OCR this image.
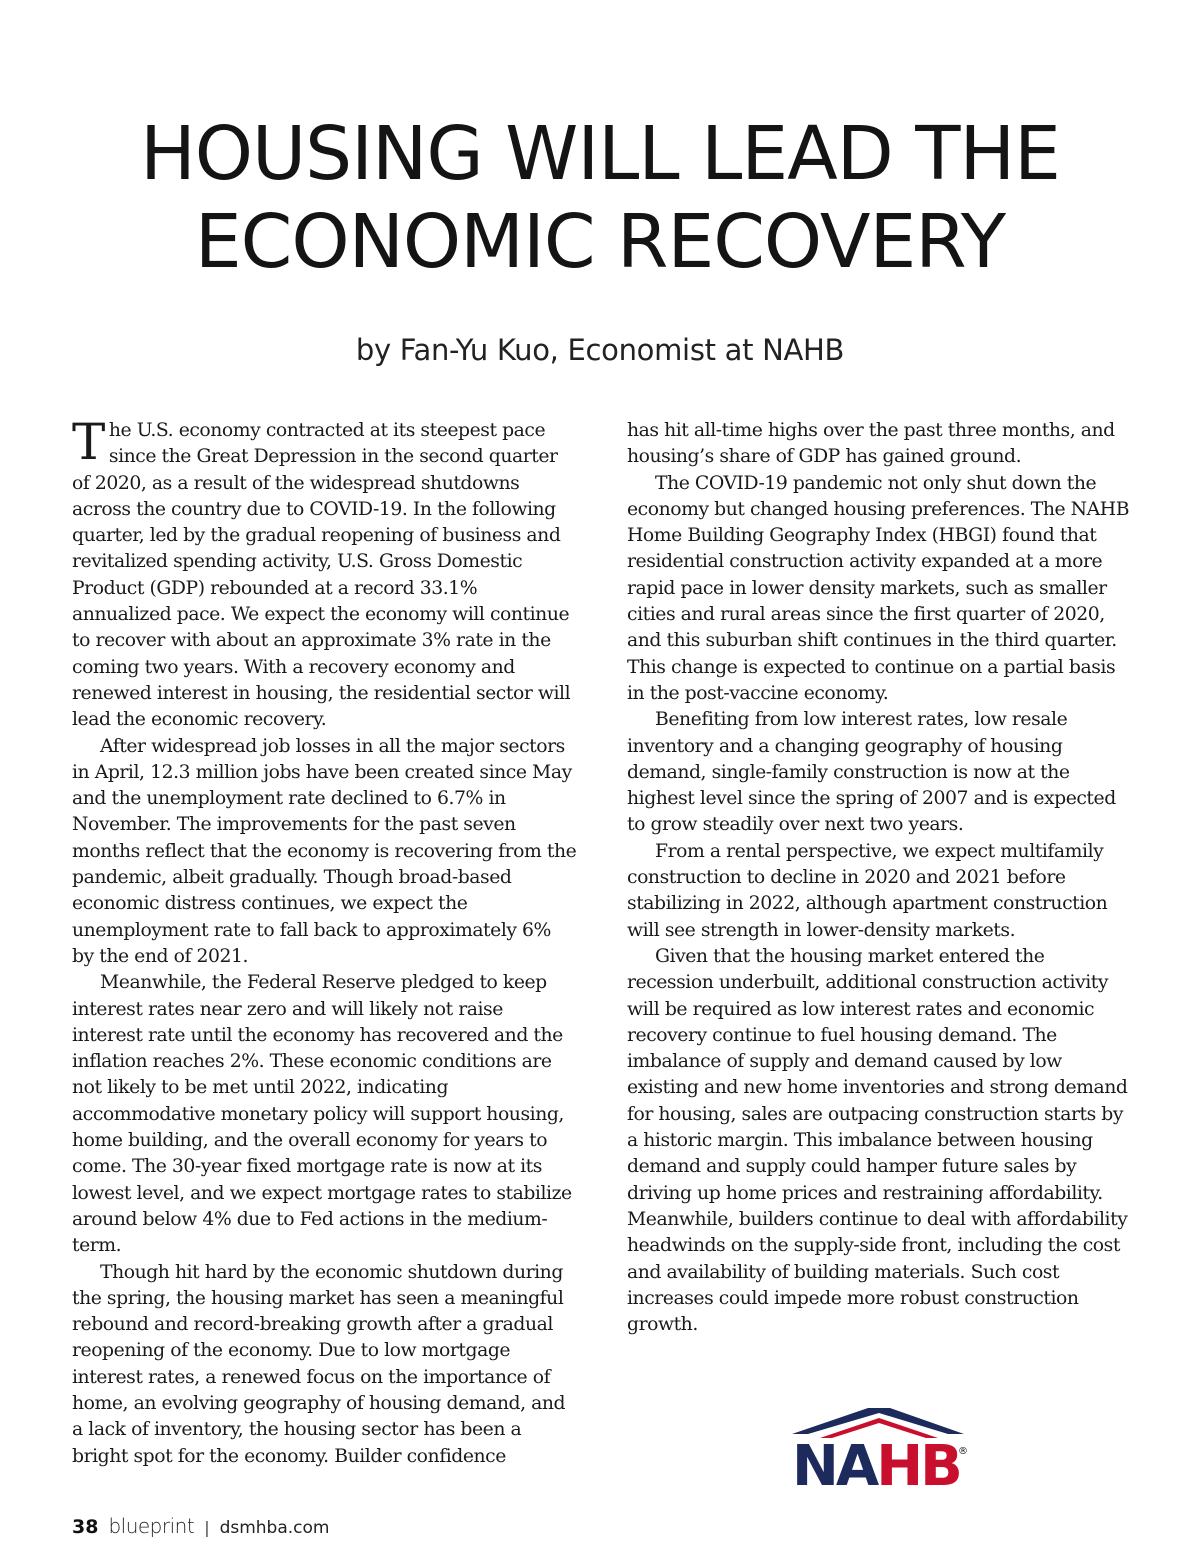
HOUSING WILL LEAD THE
ECONOMIC RECOVERY
by Fan-Yu Kuo, Economist at NAHB

The U.S. economy contracted at its steepest pace since the Great Depression in the second quarter of 2020, as a result of the widespread shutdowns across the country due to COVID-19. In the following quarter, led by the gradual reopening of business and revitalized spending activity, U.S. Gross Domestic Product (GDP) rebounded at a record 33.1% annualized pace. We expect the economy will continue to recover with about an approximate 3% rate in the coming two years. With a recovery economy and renewed interest in housing, the residential sector will lead the economic recovery.

After widespread job losses in all the major sectors in April, 12.3 million jobs have been created since May and the unemployment rate declined to 6.7% in November. The improvements for the past seven months reflect that the economy is recovering from the pandemic, albeit gradually. Though broad-based economic distress continues, we expect the unemployment rate to fall back to approximately 6% by the end of 2021.

Meanwhile, the Federal Reserve pledged to keep interest rates near zero and will likely not raise interest rate until the economy has recovered and the inflation reaches 2%. These economic conditions are not likely to be met until 2022, indicating accommodative monetary policy will support housing, home building, and the overall economy for years to come. The 30-year fixed mortgage rate is now at its lowest level, and we expect mortgage rates to stabilize around below 4% due to Fed actions in the medium-term.

Though hit hard by the economic shutdown during the spring, the housing market has seen a meaningful rebound and record-breaking growth after a gradual reopening of the economy. Due to low mortgage interest rates, a renewed focus on the importance of home, an evolving geography of housing demand, and a lack of inventory, the housing sector has been a bright spot for the economy. Builder confidence

has hit all-time highs over the past three months, and housing’s share of GDP has gained ground.

The COVID-19 pandemic not only shut down the economy but changed housing preferences. The NAHB Home Building Geography Index (HBGI) found that residential construction activity expanded at a more rapid pace in lower density markets, such as smaller cities and rural areas since the first quarter of 2020, and this suburban shift continues in the third quarter. This change is expected to continue on a partial basis in the post-vaccine economy.

Benefiting from low interest rates, low resale inventory and a changing geography of housing demand, single-family construction is now at the highest level since the spring of 2007 and is expected to grow steadily over next two years.

From a rental perspective, we expect multifamily construction to decline in 2020 and 2021 before stabilizing in 2022, although apartment construction will see strength in lower-density markets.

Given that the housing market entered the recession underbuilt, additional construction activity will be required as low interest rates and economic recovery continue to fuel housing demand. The imbalance of supply and demand caused by low existing and new home inventories and strong demand for housing, sales are outpacing construction starts by a historic margin. This imbalance between housing demand and supply could hamper future sales by driving up home prices and restraining affordability. Meanwhile, builders continue to deal with affordability headwinds on the supply-side front, including the cost and availability of building materials. Such cost increases could impede more robust construction growth.

NAHB
®
38 blueprint | dsmhba.com
